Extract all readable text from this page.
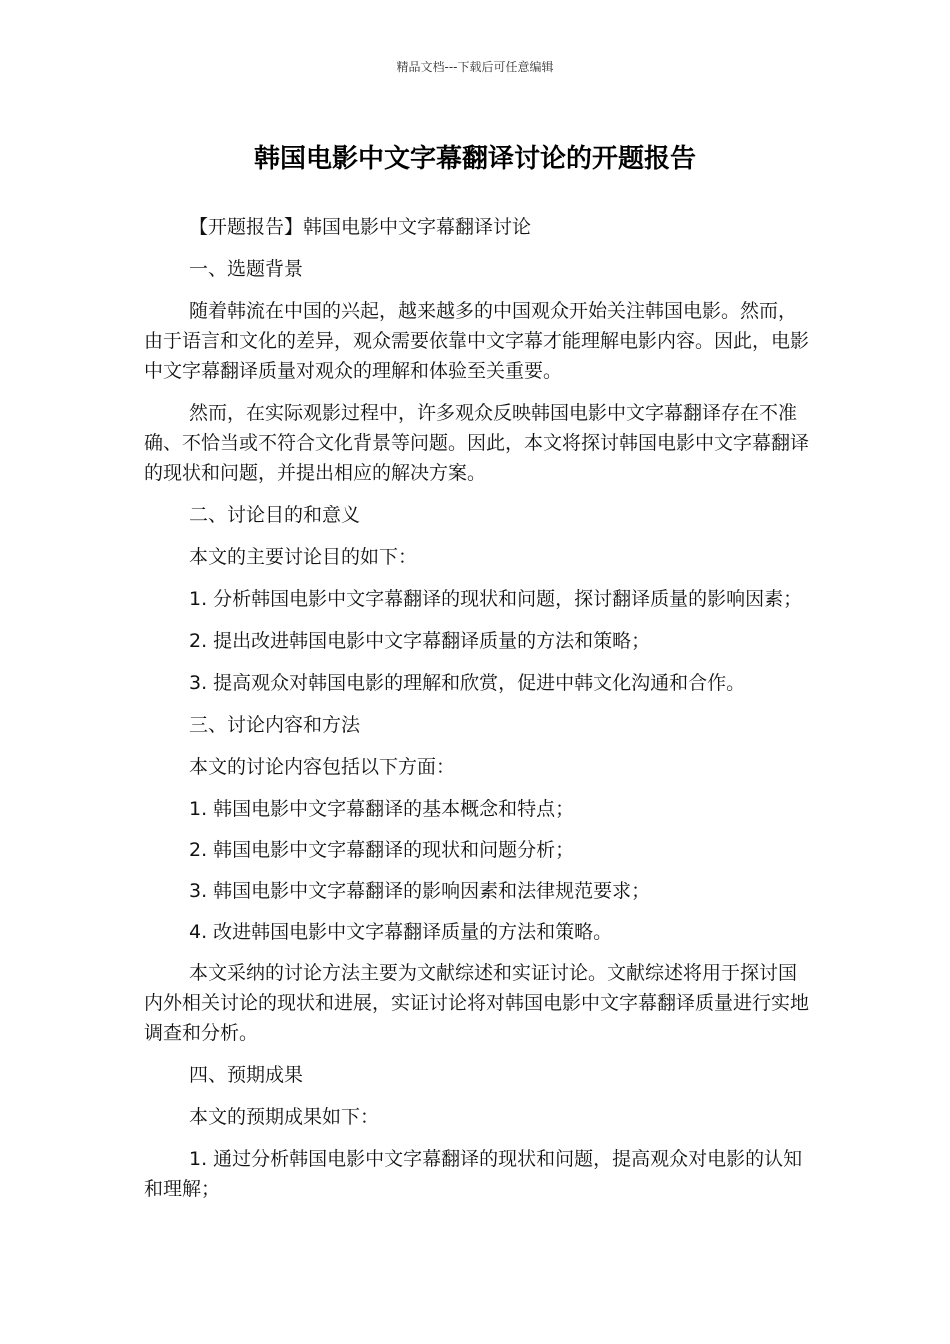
精品文档---下载后可任意编辑
韩国电影中文字幕翻译讨论的开题报告

【开题报告】韩国电影中文字幕翻译讨论

一、选题背景

随着韩流在中国的兴起，越来越多的中国观众开始关注韩国电影。然而，由于语言和文化的差异，观众需要依靠中文字幕才能理解电影内容。因此，电影中文字幕翻译质量对观众的理解和体验至关重要。

然而，在实际观影过程中，许多观众反映韩国电影中文字幕翻译存在不准确、不恰当或不符合文化背景等问题。因此，本文将探讨韩国电影中文字幕翻译的现状和问题，并提出相应的解决方案。

二、讨论目的和意义

本文的主要讨论目的如下：

1. 分析韩国电影中文字幕翻译的现状和问题，探讨翻译质量的影响因素；

2. 提出改进韩国电影中文字幕翻译质量的方法和策略；

3. 提高观众对韩国电影的理解和欣赏，促进中韩文化沟通和合作。

三、讨论内容和方法

本文的讨论内容包括以下方面：

1. 韩国电影中文字幕翻译的基本概念和特点；

2. 韩国电影中文字幕翻译的现状和问题分析；

3. 韩国电影中文字幕翻译的影响因素和法律规范要求；

4. 改进韩国电影中文字幕翻译质量的方法和策略。

本文采纳的讨论方法主要为文献综述和实证讨论。文献综述将用于探讨国内外相关讨论的现状和进展，实证讨论将对韩国电影中文字幕翻译质量进行实地调查和分析。

四、预期成果

本文的预期成果如下：

1. 通过分析韩国电影中文字幕翻译的现状和问题，提高观众对电影的认知和理解；
